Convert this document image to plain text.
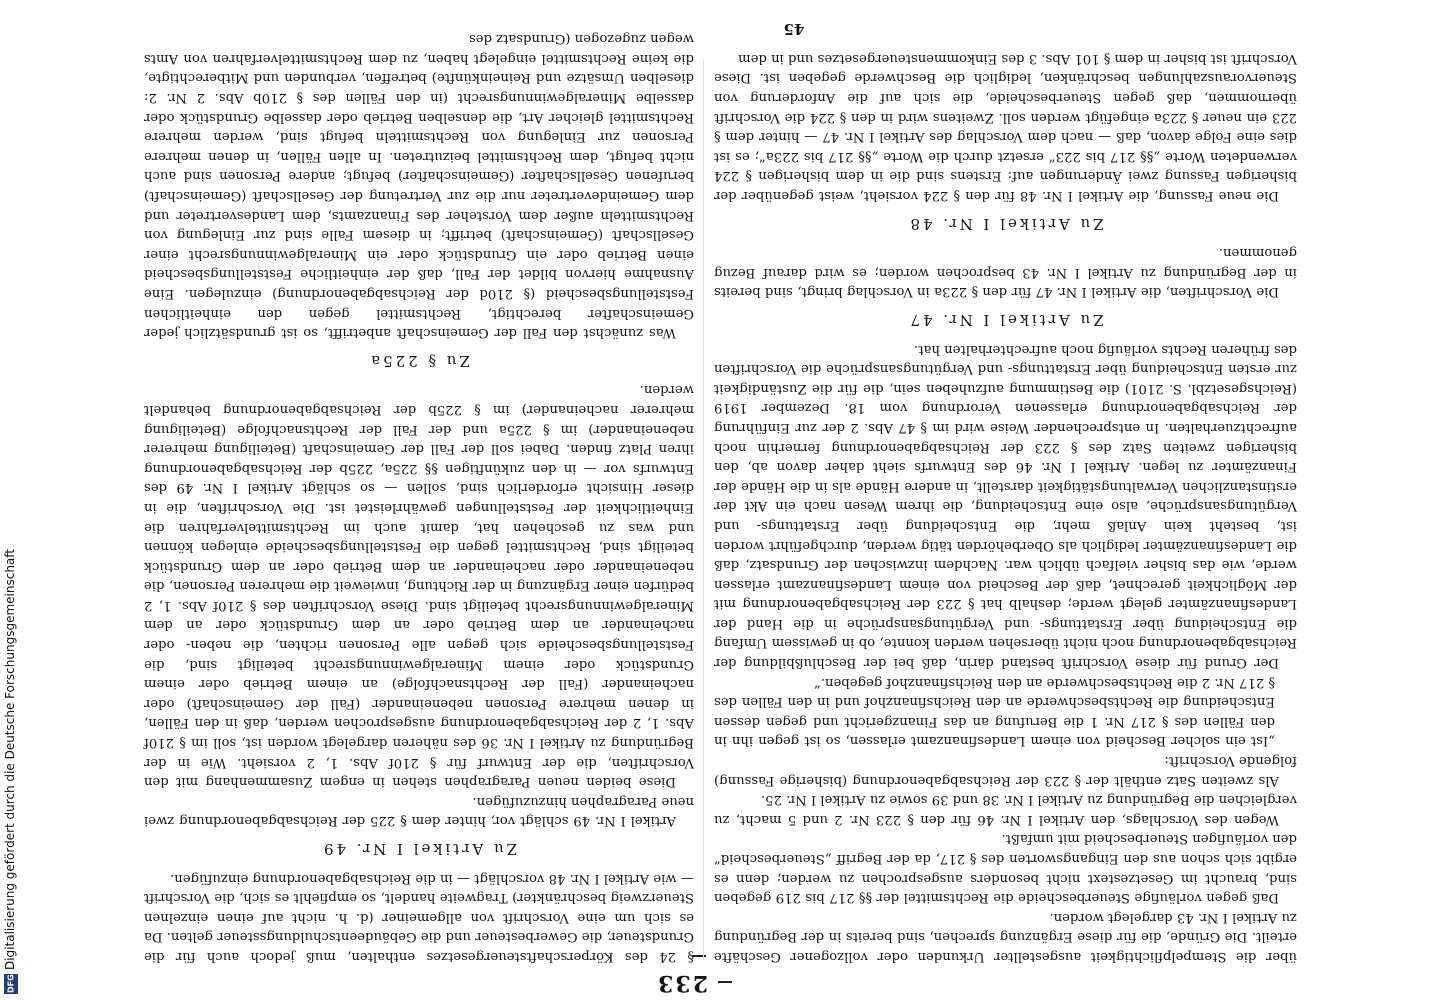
233

über die Stempelpflichtigkeit ausgestellter Urkunden oder vollzogener Geschäfte erteilt. Die Gründe, die für diese Ergänzung sprechen, sind bereits in der Begründung zu Artikel I Nr. 43 dargelegt worden.

Daß gegen vorläufige Steuerbescheide die Rechtsmittel der §§ 217 bis 219 gegeben sind, braucht im Gesetzestext nicht besonders ausgesprochen zu werden; denn es ergibt sich schon aus den Eingangsworten des § 217, da der Begriff „Steuerbescheid“ den vorläufigen Steuerbescheid mit umfaßt.

Wegen des Vorschlags, den Artikel I Nr. 46 für den § 223 Nr. 2 und 5 macht, zu vergleichen die Begründung zu Artikel I Nr. 38 und 39 sowie zu Artikel I Nr. 25.

Als zweiten Satz enthält der § 223 der Reichsabgabenordnung (bisherige Fassung) folgende Vorschrift:

„Ist ein solcher Bescheid von einem Landesfinanzamt erlassen, so ist gegen ihn in den Fällen des § 217 Nr. 1 die Berufung an das Finanzgericht und gegen dessen Entscheidung die Rechtsbeschwerde an den Reichsfinanzhof und in den Fällen des § 217 Nr. 2 die Rechtsbeschwerde an den Reichsfinanzhof gegeben.“

Der Grund für diese Vorschrift bestand darin, daß bei der Beschlußbildung der Reichsabgabenordnung noch nicht übersehen werden konnte, ob in gewissem Umfang die Entscheidung über Erstattungs- und Vergütungsansprüche in die Hand der Landesfinanzämter gelegt werde; deshalb hat § 223 der Reichsabgabenordnung mit der Möglichkeit gerechnet, daß der Bescheid von einem Landesfinanzamt erlassen werde, wie das bisher vielfach üblich war. Nachdem inzwischen der Grundsatz, daß die Landesfinanzämter lediglich als Oberbehörden tätig werden, durchgeführt worden ist, besteht kein Anlaß mehr, die Entscheidung über Erstattungs- und Vergütungsansprüche, also eine Entscheidung, die ihrem Wesen nach ein Akt der erstinstanzlichen Verwaltungstätigkeit darstellt, in andere Hände als in die Hände der Finanzämter zu legen. Artikel I Nr. 46 des Entwurfs sieht daher davon ab, den bisherigen zweiten Satz des § 223 der Reichsabgabenordnung fernerhin noch aufrechtzuerhalten. In entsprechender Weise wird im § 47 Abs. 2 der zur Einführung der Reichsabgabenordnung erlassenen Verordnung vom 18. Dezember 1919 (Reichsgesetzbl. S. 2101) die Bestimmung aufzuheben sein, die für die Zuständigkeit zur ersten Entscheidung über Erstattungs- und Vergütungsansprüche die Vorschriften des früheren Rechts vorläufig noch aufrechterhalten hat.

Zu Artikel I Nr. 47

Die Vorschriften, die Artikel I Nr. 47 für den § 223a in Vorschlag bringt, sind bereits in der Begründung zu Artikel I Nr. 43 besprochen worden; es wird darauf Bezug genommen.

Zu Artikel I Nr. 48

Die neue Fassung, die Artikel I Nr. 48 für den § 224 vorsieht, weist gegenüber der bisherigen Fassung zwei Änderungen auf: Erstens sind die in dem bisherigen § 224 verwendeten Worte „§§ 217 bis 223“ ersetzt durch die Worte „§§ 217 bis 223a“; es ist dies eine Folge davon, daß — nach dem Vorschlag des Artikel I Nr. 47 — hinter dem § 223 ein neuer § 223a eingefügt werden soll. Zweitens wird in den § 224 die Vorschrift übernommen, daß gegen Steuerbescheide, die sich auf die Anforderung von Steuervorauszahlungen beschränken, lediglich die Beschwerde gegeben ist. Diese Vorschrift ist bisher in dem § 101 Abs. 3 des Einkommensteuergesetzes und in dem

§ 24 des Körperschaftsteuergesetzes enthalten, muß jedoch auch für die Grundsteuer, die Gewerbesteuer und die Gebäudeentschuldungssteuer gelten. Da es sich um eine Vorschrift von allgemeiner (d. h. nicht auf einen einzelnen Steuerzweig beschränkter) Tragweite handelt, so empfiehlt es sich, die Vorschrift — wie Artikel I Nr. 48 vorschlägt — in die Reichsabgabenordnung einzufügen.

Zu Artikel I Nr. 49

Artikel I Nr. 49 schlägt vor, hinter dem § 225 der Reichsabgabenordnung zwei neue Paragraphen hinzuzufügen.

Diese beiden neuen Paragraphen stehen in engem Zusammenhang mit den Vorschriften, die der Entwurf für § 210f Abs. 1, 2 vorsieht. Wie in der Begründung zu Artikel I Nr. 36 des näheren dargelegt worden ist, soll im § 210f Abs. 1, 2 der Reichsabgabenordnung ausgesprochen werden, daß in den Fällen, in denen mehrere Personen nebeneinander (Fall der Gemeinschaft) oder nacheinander (Fall der Rechtsnachfolge) an einem Betrieb oder einem Grundstück oder einem Mineralgewinnungsrecht beteiligt sind, die Feststellungsbescheide sich gegen alle Personen richten, die neben- oder nacheinander an dem Betrieb oder an dem Grundstück oder an dem Mineralgewinnungsrecht beteiligt sind. Diese Vorschriften des § 210f Abs. 1, 2 bedürfen einer Ergänzung in der Richtung, inwieweit die mehreren Personen, die nebeneinander oder nacheinander an dem Betrieb oder an dem Grundstück beteiligt sind, Rechtsmittel gegen die Feststellungsbescheide einlegen können und was zu geschehen hat, damit auch im Rechtsmittelverfahren die Einheitlichkeit der Feststellungen gewährleistet ist. Die Vorschriften, die in dieser Hinsicht erforderlich sind, sollen — so schlägt Artikel I Nr. 49 des Entwurfs vor — in den zukünftigen §§ 225a, 225b der Reichsabgabenordnung ihren Platz finden. Dabei soll der Fall der Gemeinschaft (Beteiligung mehrerer nebeneinander) im § 225a und der Fall der Rechtsnachfolge (Beteiligung mehrerer nacheinander) im § 225b der Reichsabgabenordnung behandelt werden.

Zu § 225a

Was zunächst den Fall der Gemeinschaft anbetrifft, so ist grundsätzlich jeder Gemeinschafter berechtigt, Rechtsmittel gegen den einheitlichen Feststellungsbescheid (§ 210d der Reichsabgabenordnung) einzulegen. Eine Ausnahme hiervon bildet der Fall, daß der einheitliche Feststellungsbescheid einen Betrieb oder ein Grundstück oder ein Mineralgewinnungsrecht einer Gesellschaft (Gemeinschaft) betrifft; in diesem Falle sind zur Einlegung von Rechtsmitteln außer dem Vorsteher des Finanzamts, dem Landesvertreter und dem Gemeindevertreter nur die zur Vertretung der Gesellschaft (Gemeinschaft) berufenen Gesellschafter (Gemeinschafter) befugt; andere Personen sind auch nicht befugt, dem Rechtsmittel beizutreten. In allen Fällen, in denen mehrere Personen zur Einlegung von Rechtsmitteln befugt sind, werden mehrere Rechtsmittel gleicher Art, die denselben Betrieb oder dasselbe Grundstück oder dasselbe Mineralgewinnungsrecht (in den Fällen des § 210b Abs. 2 Nr. 2: dieselben Umsätze und Reineinkünfte) betreffen, verbunden und Mitberechtigte, die keine Rechtsmittel eingelegt haben, zu dem Rechtsmittelverfahren von Amts wegen zugezogen (Grundsatz des

45
Digitalisierung gefördert durch die Deutsche Forschungsgemeinschaft
DFG
